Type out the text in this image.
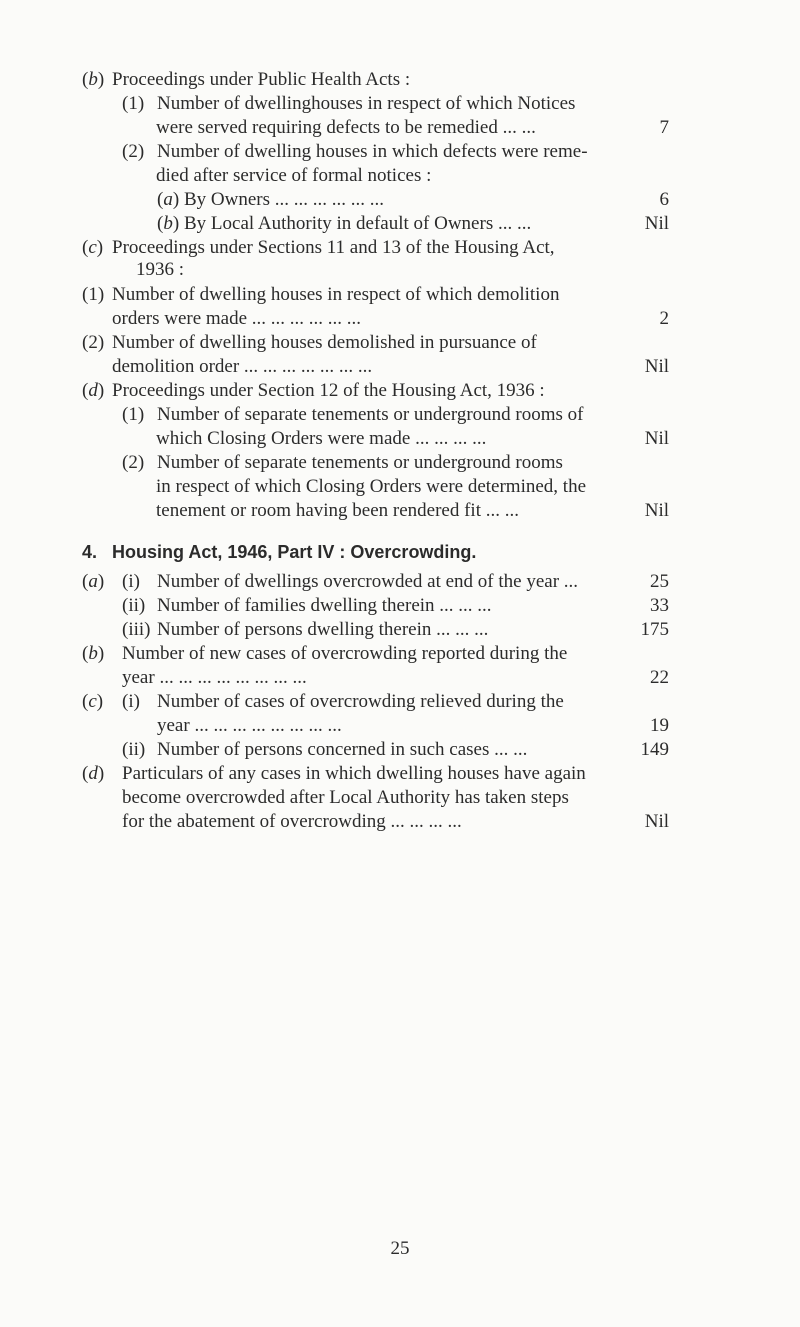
(b) Proceedings under Public Health Acts :
(1) Number of dwellinghouses in respect of which Notices
were served requiring defects to be remedied ... ...	7
(2) Number of dwelling houses in which defects were reme-
died after service of formal notices :
(a) By Owners ... ... ... ... ... ...	6
(b) By Local Authority in default of Owners ... ...	Nil
(c) Proceedings under Sections 11 and 13 of the Housing Act,
1936 :
(1) Number of dwelling houses in respect of which demolition
orders were made ... ... ... ... ... ...	2
(2) Number of dwelling houses demolished in pursuance of
demolition order ... ... ... ... ... ... ...	Nil
(d) Proceedings under Section 12 of the Housing Act, 1936 :
(1) Number of separate tenements or underground rooms of
which Closing Orders were made ... ... ... ...	Nil
(2) Number of separate tenements or underground rooms
in respect of which Closing Orders were determined, the
tenement or room having been rendered fit ... ...	Nil
4. Housing Act, 1946, Part IV : Overcrowding.
(a) (i) Number of dwellings overcrowded at end of the year ...	25
(ii) Number of families dwelling therein ... ... ...	33
(iii) Number of persons dwelling therein ... ... ...	175
(b) Number of new cases of overcrowding reported during the
year ... ... ... ... ... ... ... ...	22
(c) (i) Number of cases of overcrowding relieved during the
year ... ... ... ... ... ... ... ...	19
(ii) Number of persons concerned in such cases ... ...	149
(d) Particulars of any cases in which dwelling houses have again
become overcrowded after Local Authority has taken steps
for the abatement of overcrowding ... ... ... ...	Nil
25
